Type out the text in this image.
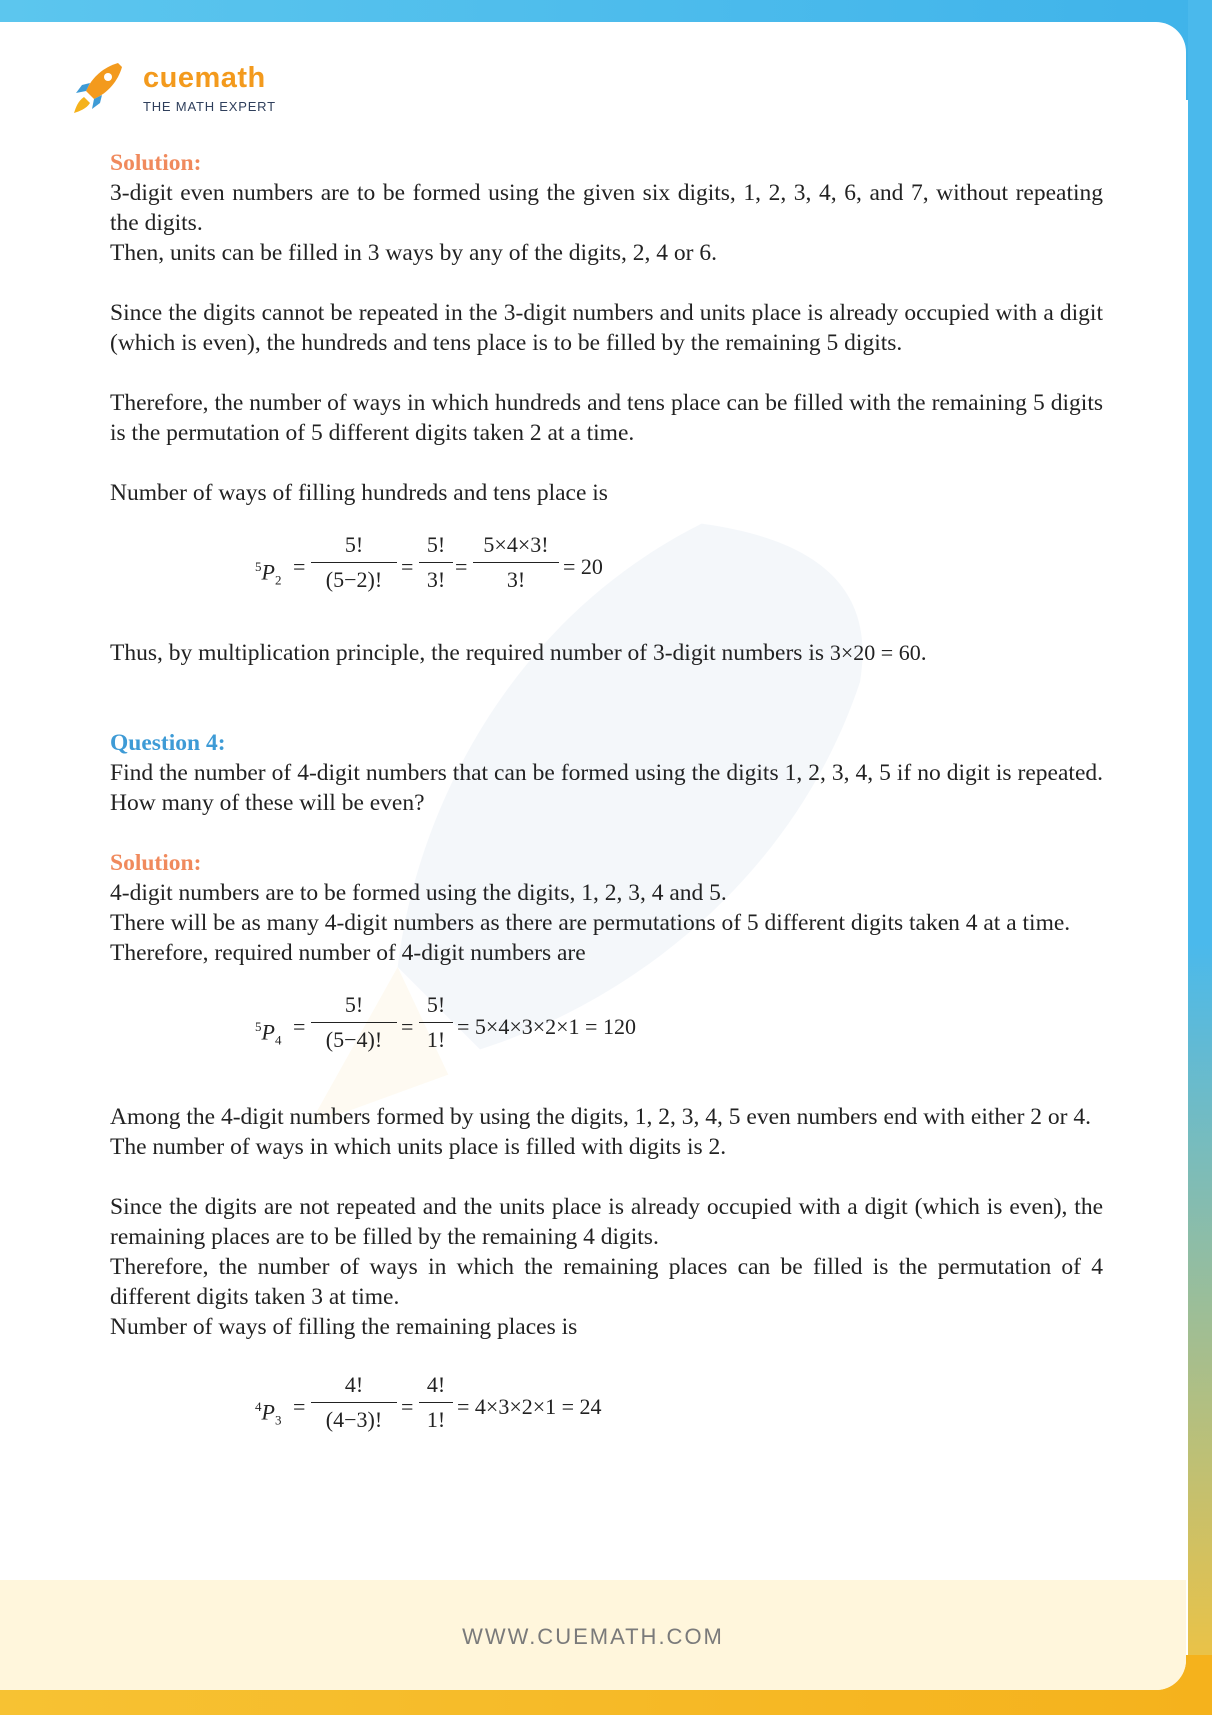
cuemath
THE MATH EXPERT
Solution:
3-digit even numbers are to be formed using the given six digits, 1, 2, 3, 4, 6, and 7, without repeating the digits.
Then, units can be filled in 3 ways by any of the digits, 2, 4 or 6.
Since the digits cannot be repeated in the 3-digit numbers and units place is already occupied with a digit (which is even), the hundreds and tens place is to be filled by the remaining 5 digits.
Therefore, the number of ways in which hundreds and tens place can be filled with the remaining 5 digits is the permutation of 5 different digits taken 2 at a time.
Number of ways of filling hundreds and tens place is
$^5P_2$
= $\frac{5!}{(5-2)!} = \frac{5!}{3!} = \frac{5\times 4\times 3!}{3!} = 20$
Thus, by multiplication principle, the required number of 3-digit numbers is 3×20 = 60.
Question 4:
Find the number of 4-digit numbers that can be formed using the digits 1, 2, 3, 4, 5 if no digit is repeated. How many of these will be even?
Solution:
4-digit numbers are to be formed using the digits, 1, 2, 3, 4 and 5.
There will be as many 4-digit numbers as there are permutations of 5 different digits taken 4 at a time.
Therefore, required number of 4-digit numbers are
$^5P_4$
= $\frac{5!}{(5-4)!} = \frac{5!}{1!} = 5\times 4\times 3\times 2\times 1 = 120$
Among the 4-digit numbers formed by using the digits, 1, 2, 3, 4, 5 even numbers end with either 2 or 4.
The number of ways in which units place is filled with digits is 2.
Since the digits are not repeated and the units place is already occupied with a digit (which is even), the remaining places are to be filled by the remaining 4 digits.
Therefore, the number of ways in which the remaining places can be filled is the permutation of 4 different digits taken 3 at time.
Number of ways of filling the remaining places is
$^4P_3$
= $\frac{4!}{(4-3)!} = \frac{4!}{1!} = 4\times 3\times 2\times 1 = 24$
WWW.CUEMATH.COM
